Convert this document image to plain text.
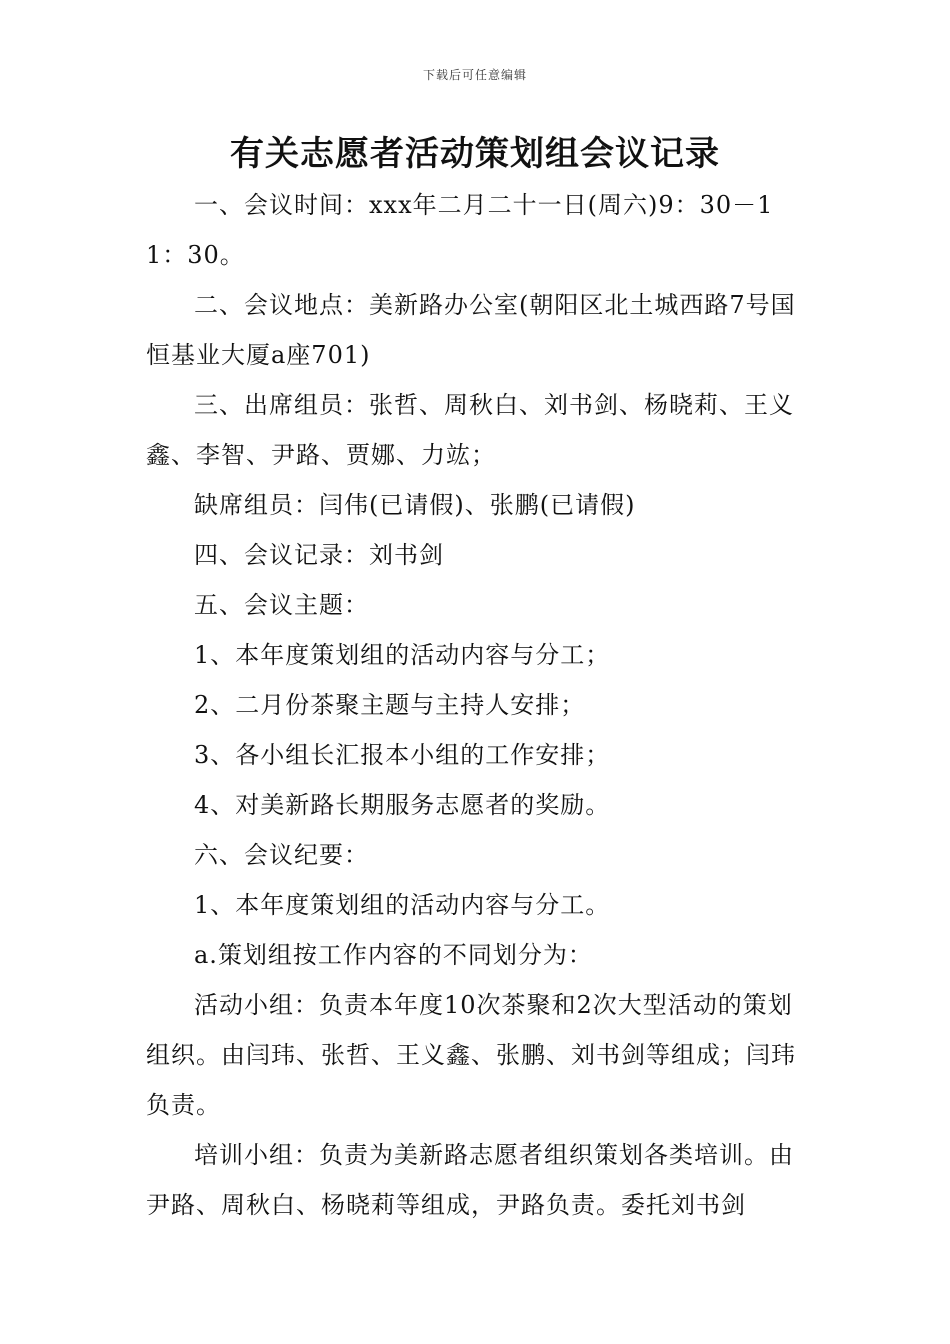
下载后可任意编辑
有关志愿者活动策划组会议记录

一、会议时间：xxx年二月二十一日(周六)9：30－11：30。

二、会议地点：美新路办公室(朝阳区北土城西路7号国恒基业大厦a座701)

三、出席组员：张哲、周秋白、刘书剑、杨晓莉、王义鑫、李智、尹路、贾娜、力竑；

缺席组员：闫伟(已请假)、张鹏(已请假)

四、会议记录：刘书剑

五、会议主题：

1、本年度策划组的活动内容与分工；

2、二月份茶聚主题与主持人安排；

3、各小组长汇报本小组的工作安排；

4、对美新路长期服务志愿者的奖励。

六、会议纪要：

1、本年度策划组的活动内容与分工。

a.策划组按工作内容的不同划分为：

活动小组：负责本年度10次茶聚和2次大型活动的策划组织。由闫玮、张哲、王义鑫、张鹏、刘书剑等组成；闫玮负责。

培训小组：负责为美新路志愿者组织策划各类培训。由尹路、周秋白、杨晓莉等组成，尹路负责。委托刘书剑
